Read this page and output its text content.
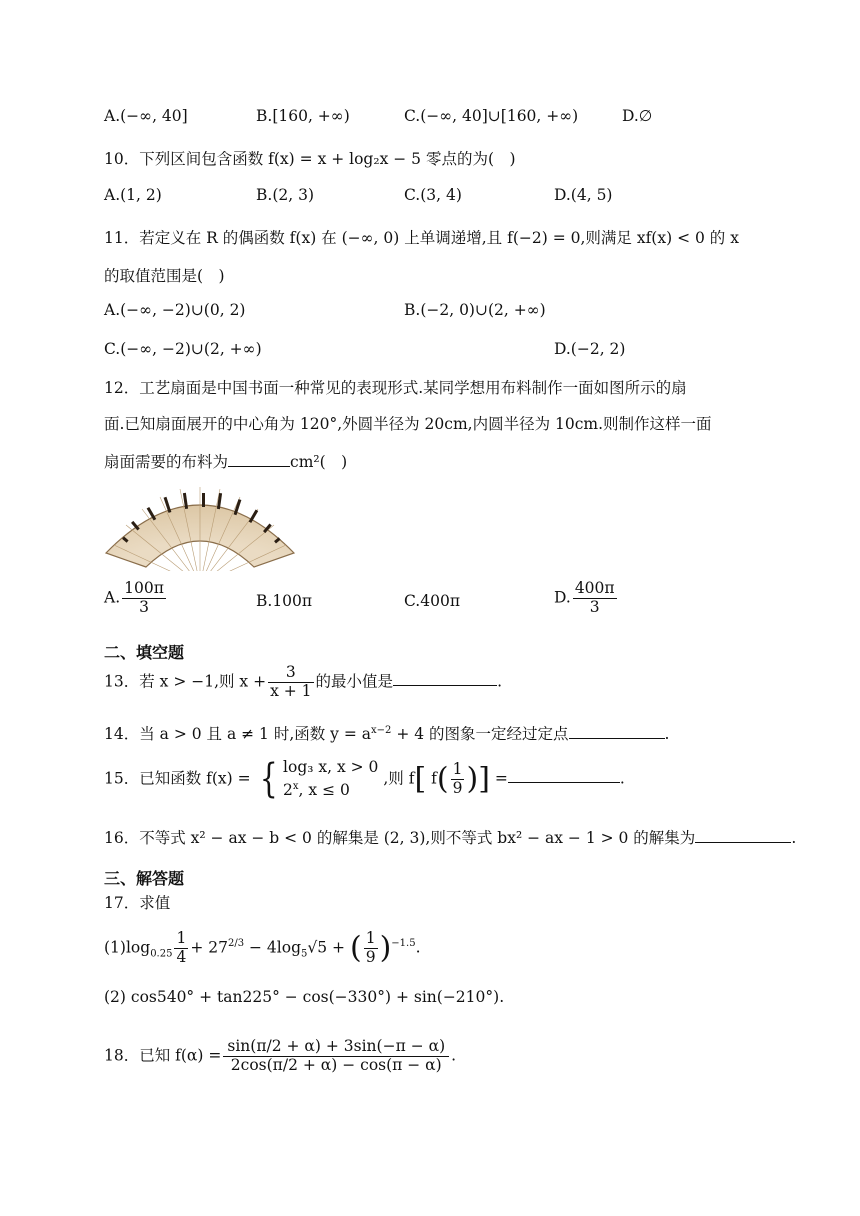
A.(−∞, 40]	B.[160, +∞)	C.(−∞, 40]∪[160, +∞)	D.∅
10．下列区间包含函数 f(x) = x + log₂x − 5 零点的为(　)
A.(1, 2)	B.(2, 3)	C.(3, 4)	D.(4, 5)
11．若定义在 R 的偶函数 f(x) 在 (−∞, 0) 上单调递增,且 f(−2) = 0,则满足 xf(x) < 0 的 x
的取值范围是(　)
A.(−∞, −2)∪(0, 2)	B.(−2, 0)∪(2, +∞)
C.(−∞, −2)∪(2, +∞)	D.(−2, 2)
12．工艺扇面是中国书面一种常见的表现形式.某同学想用布料制作一面如图所示的扇
面.已知扇面展开的中心角为 120°,外圆半径为 20cm,内圆半径为 10cm.则制作这样一面
扇面需要的布料为	cm²(　)
A. $\frac{100\pi}{3}$	B.100π	C.400π	D. $\frac{400\pi}{3}$
二、填空题
13．若 x > −1,则 $x + \frac{3}{x + 1}$ 的最小值是	.
14．当 a > 0 且 a ≠ 1 时,函数 $y = a^{x-2} + 4$ 的图象一定经过定点	.
15．已知函数 f(x) = { log₃ x, x > 0
2$^x$, x ≤ 0
,则 f[ $f( \frac{1}{9}$ )] =	.
16．不等式 x² − ax − b < 0 的解集是 (2, 3),则不等式 bx² − ax − 1 > 0 的解集为	.
三、解答题
17．求值
$(1)\log_{0.25} \frac{1}{4} + 27^{2/3} - 4\log_5√5$ + ( $\frac{1}{9} )^{-1.5}$.
(2) cos540° + tan225° − cos(−330°) + sin(−210°).
18．已知 $f(\alpha) = \frac{\sin(\pi/2 + \alpha) + 3\sin(-\pi - \alpha)}{2\cos(\pi/2 + \alpha) - \cos(\pi - \alpha)}$ .
